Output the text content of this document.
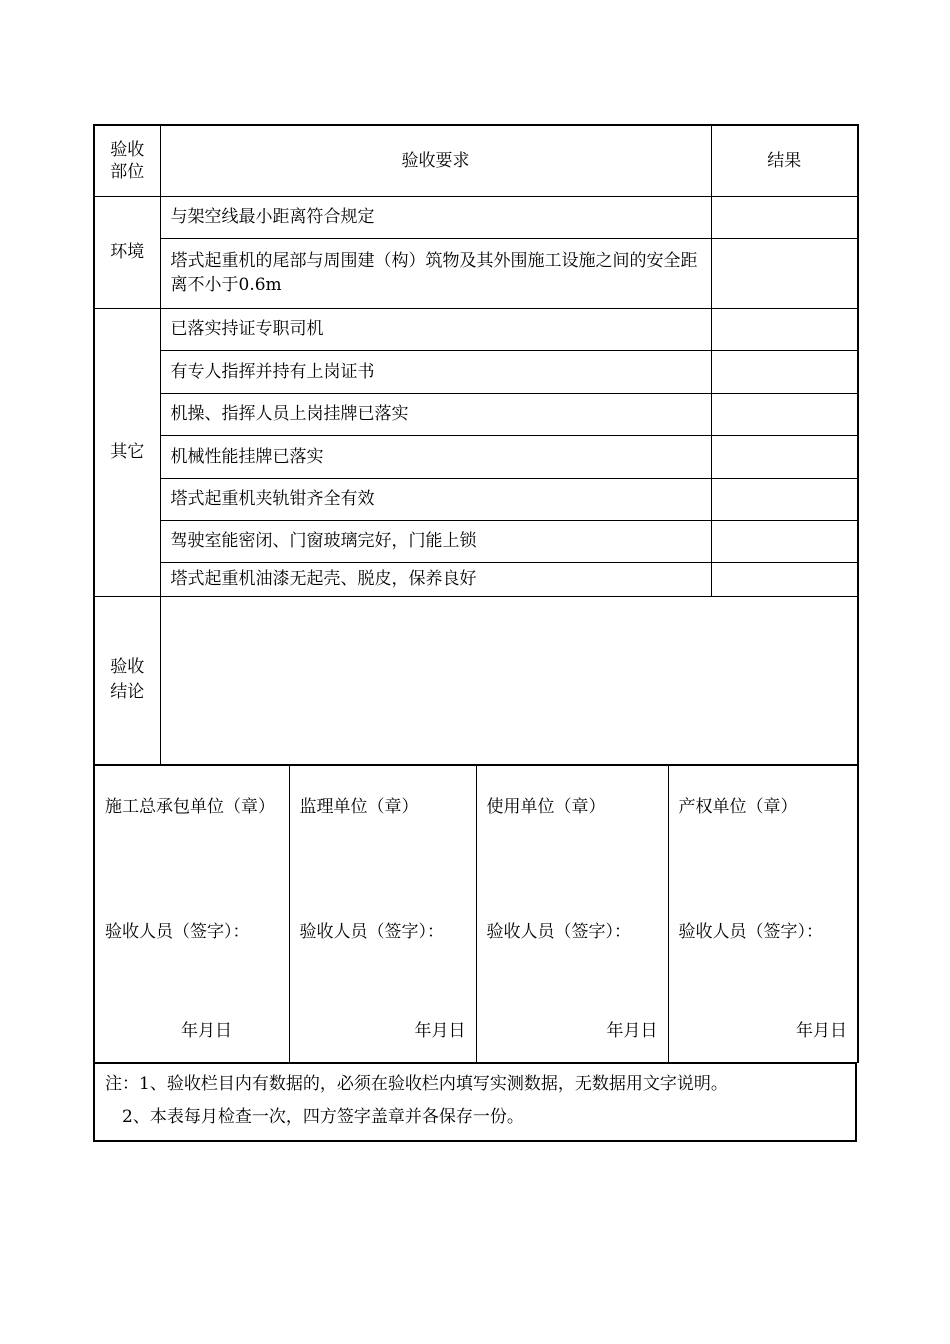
验收
部位	验收要求	结果
环境	与架空线最小距离符合规定	
	塔式起重机的尾部与周围建（构）筑物及其外围施工设施之间的安全距离不小于0.6m	
其它	已落实持证专职司机	
	有专人指挥并持有上岗证书	
	机操、指挥人员上岗挂牌已落实	
	机械性能挂牌已落实	
	塔式起重机夹轨钳齐全有效	
	驾驶室能密闭、门窗玻璃完好，门能上锁	
	塔式起重机油漆无起壳、脱皮，保养良好	
验收
结论		
施工总承包单位（章）
验收人员（签字）：
年月日

监理单位（章）
验收人员（签字）：
年月日

使用单位（章）
验收人员（签字）：
年月日

产权单位（章）
验收人员（签字）：
年月日
注：1、验收栏目内有数据的，必须在验收栏内填写实测数据，无数据用文字说明。
2、本表每月检查一次，四方签字盖章并各保存一份。
